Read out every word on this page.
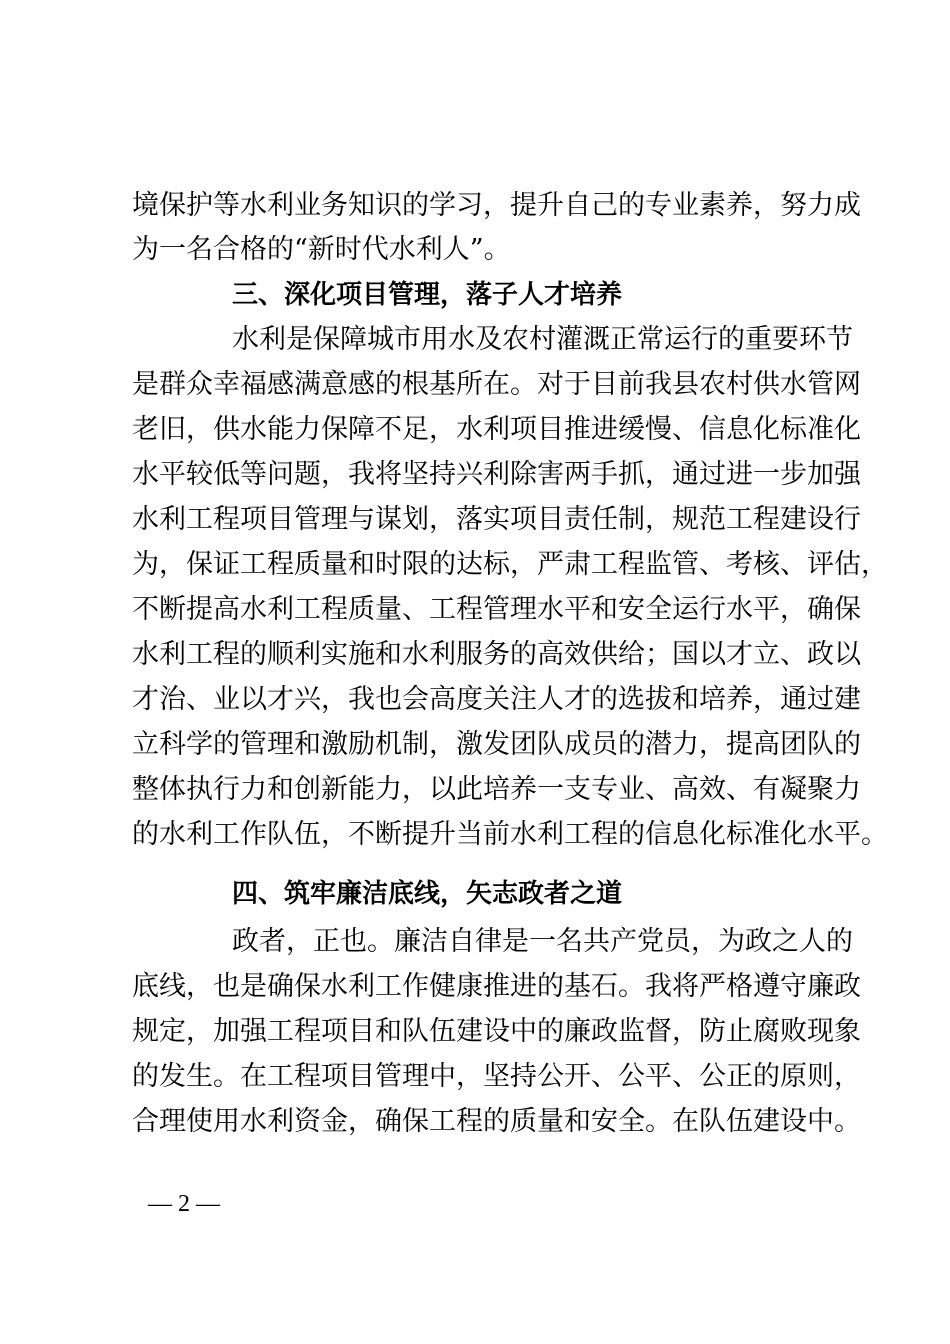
境保护等水利业务知识的学习，提升自己的专业素养，努力成
为一名合格的“新时代水利人”。
三、深化项目管理，落子人才培养
水利是保障城市用水及农村灌溉正常运行的重要环节
是群众幸福感满意感的根基所在。对于目前我县农村供水管网
老旧，供水能力保障不足，水利项目推进缓慢、信息化标准化
水平较低等问题，我将坚持兴利除害两手抓，通过进一步加强
水利工程项目管理与谋划，落实项目责任制，规范工程建设行
为，保证工程质量和时限的达标，严肃工程监管、考核、评估，
不断提高水利工程质量、工程管理水平和安全运行水平，确保
水利工程的顺利实施和水利服务的高效供给；国以才立、政以
才治、业以才兴，我也会高度关注人才的选拔和培养，通过建
立科学的管理和激励机制，激发团队成员的潜力，提高团队的
整体执行力和创新能力，以此培养一支专业、高效、有凝聚力
的水利工作队伍，不断提升当前水利工程的信息化标准化水平。
四、筑牢廉洁底线，矢志政者之道
政者，正也。廉洁自律是一名共产党员，为政之人的
底线，也是确保水利工作健康推进的基石。我将严格遵守廉政
规定，加强工程项目和队伍建设中的廉政监督，防止腐败现象
的发生。在工程项目管理中，坚持公开、公平、公正的原则，
合理使用水利资金，确保工程的质量和安全。在队伍建设中。
— 2 —
